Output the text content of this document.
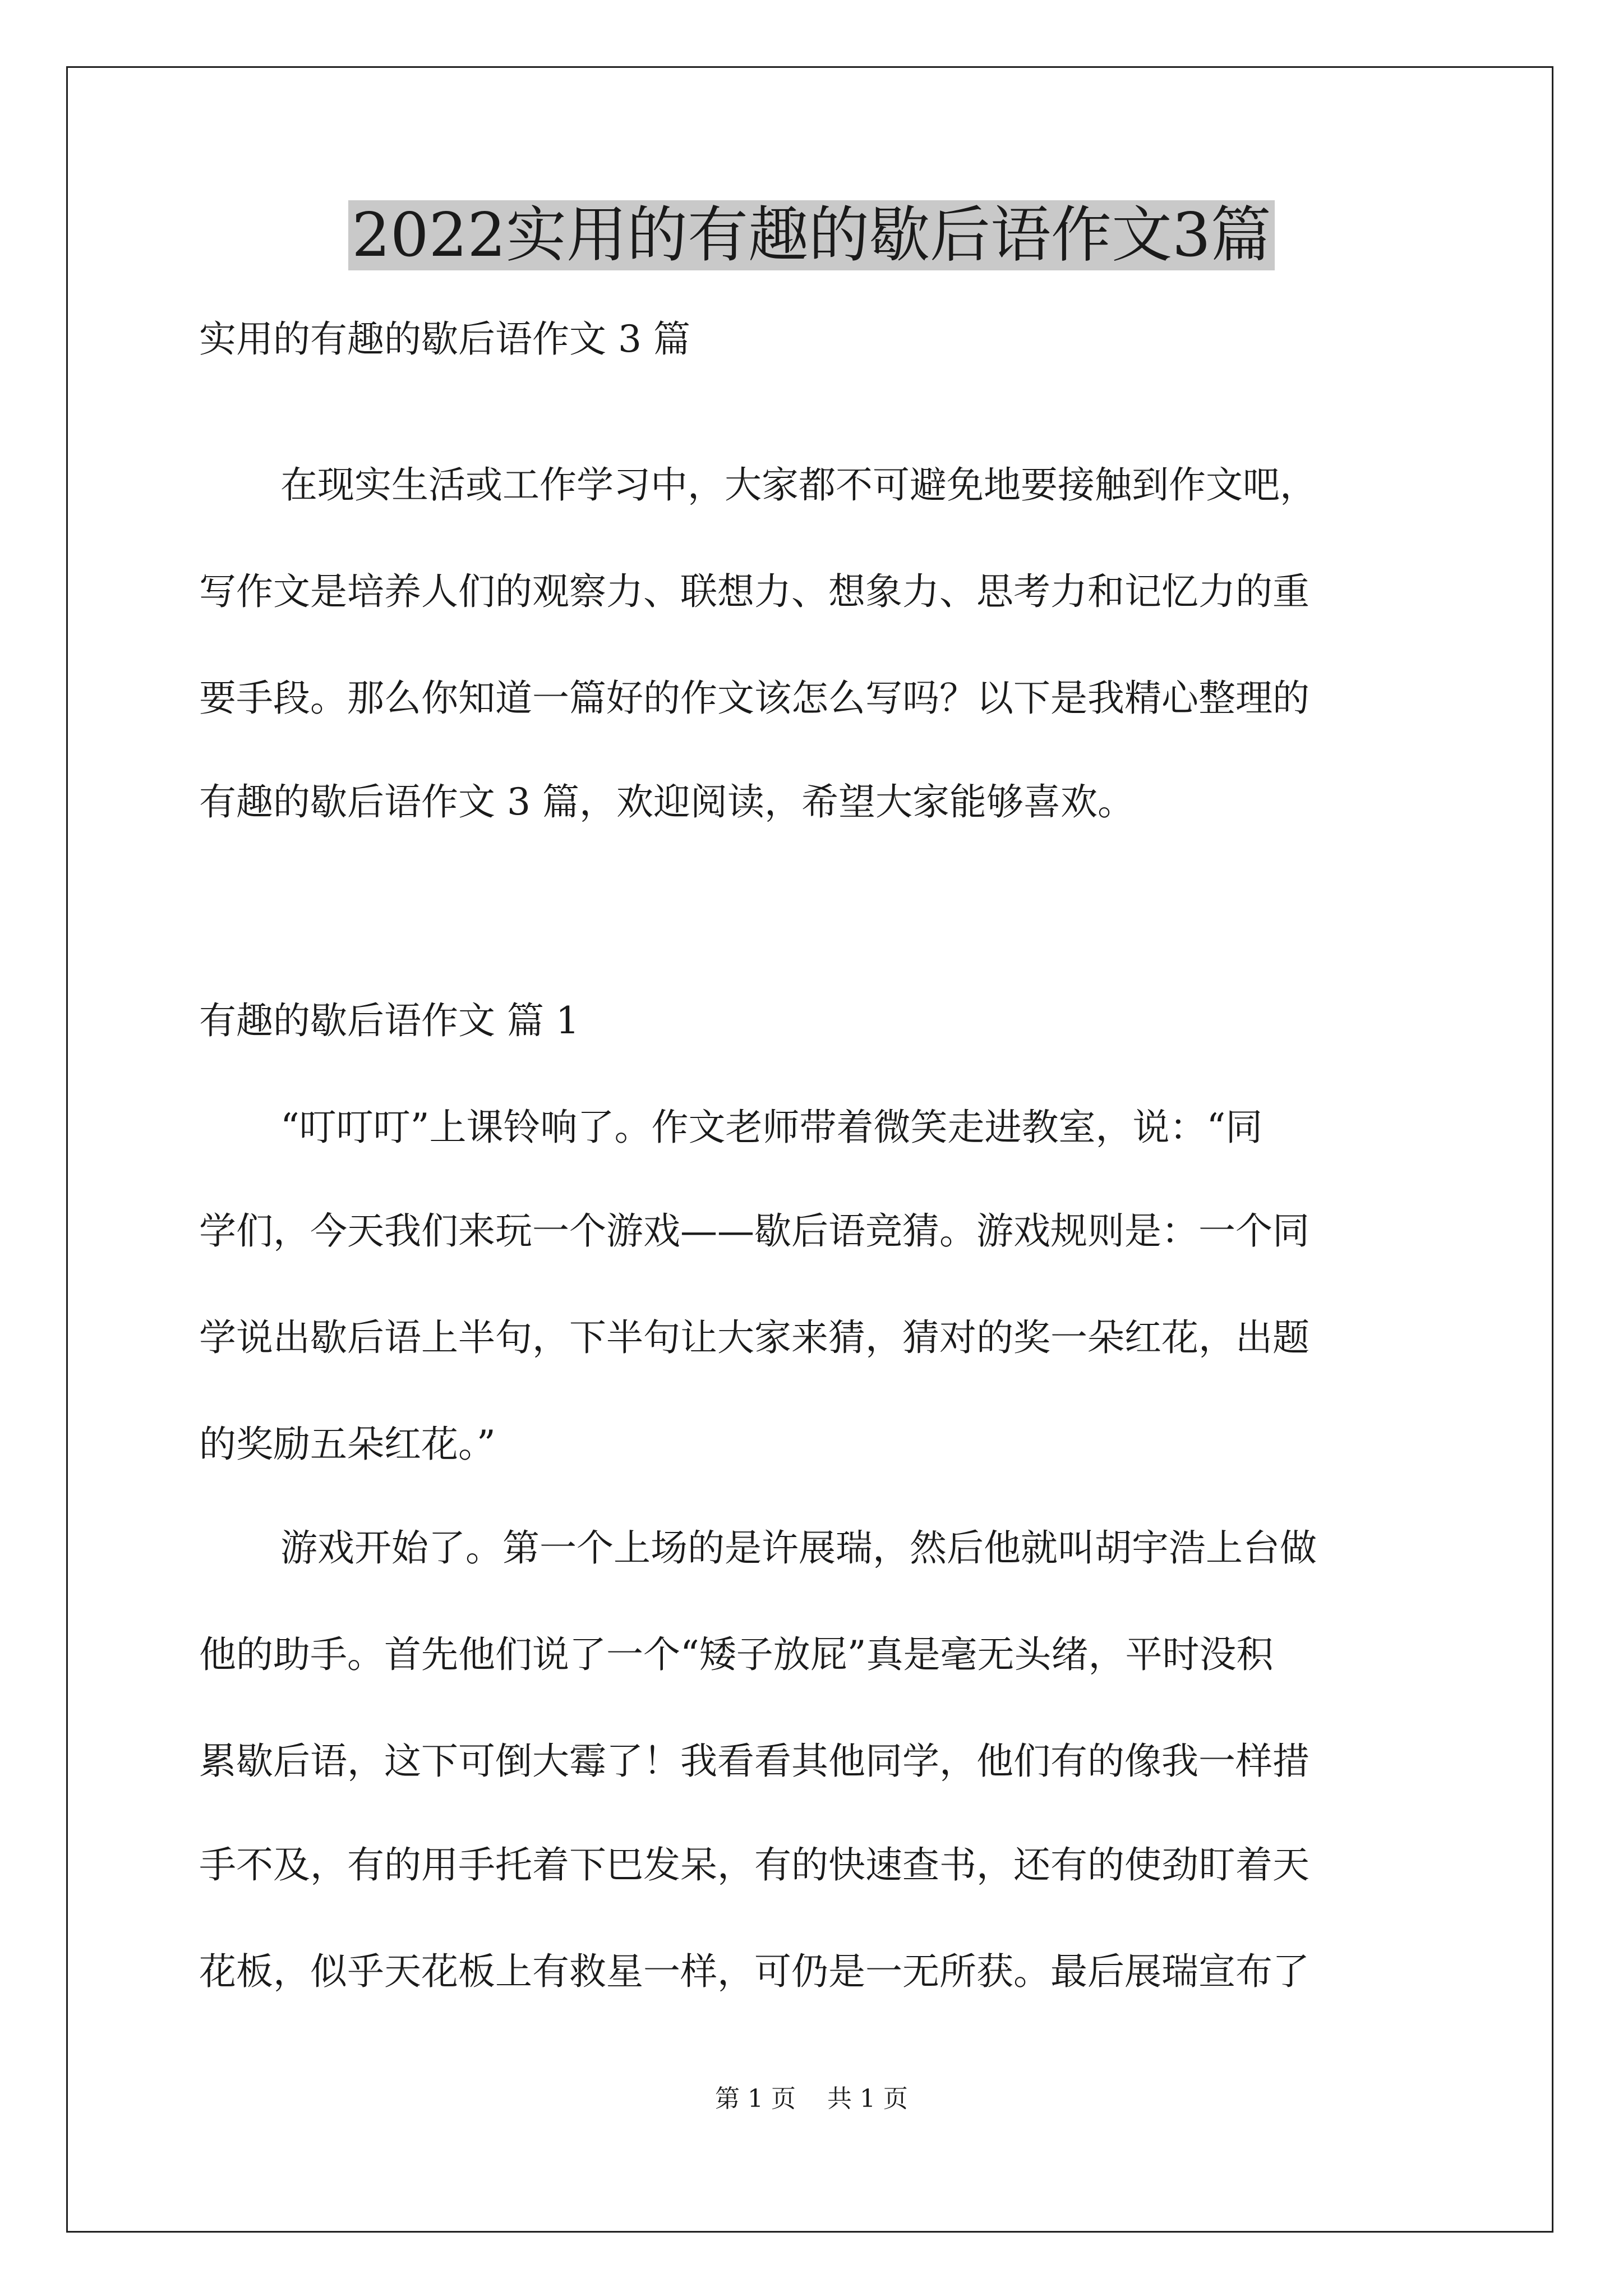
2022实用的有趣的歇后语作文3篇
实用的有趣的歇后语作文 3 篇
在现实生活或工作学习中，大家都不可避免地要接触到作文吧，
写作文是培养人们的观察力、联想力、想象力、思考力和记忆力的重
要手段。那么你知道一篇好的作文该怎么写吗？以下是我精心整理的
有趣的歇后语作文 3 篇，欢迎阅读，希望大家能够喜欢。
有趣的歇后语作文 篇 1
“叮叮叮”上课铃响了。作文老师带着微笑走进教室，说：“同
学们，今天我们来玩一个游戏——歇后语竞猜。游戏规则是：一个同
学说出歇后语上半句，下半句让大家来猜，猜对的奖一朵红花，出题
的奖励五朵红花。”
游戏开始了。第一个上场的是许展瑞，然后他就叫胡宇浩上台做
他的助手。首先他们说了一个“矮子放屁”真是毫无头绪，平时没积
累歇后语，这下可倒大霉了！我看看其他同学，他们有的像我一样措
手不及，有的用手托着下巴发呆，有的快速查书，还有的使劲盯着天
花板，似乎天花板上有救星一样，可仍是一无所获。最后展瑞宣布了
第 1 页    共 1 页
